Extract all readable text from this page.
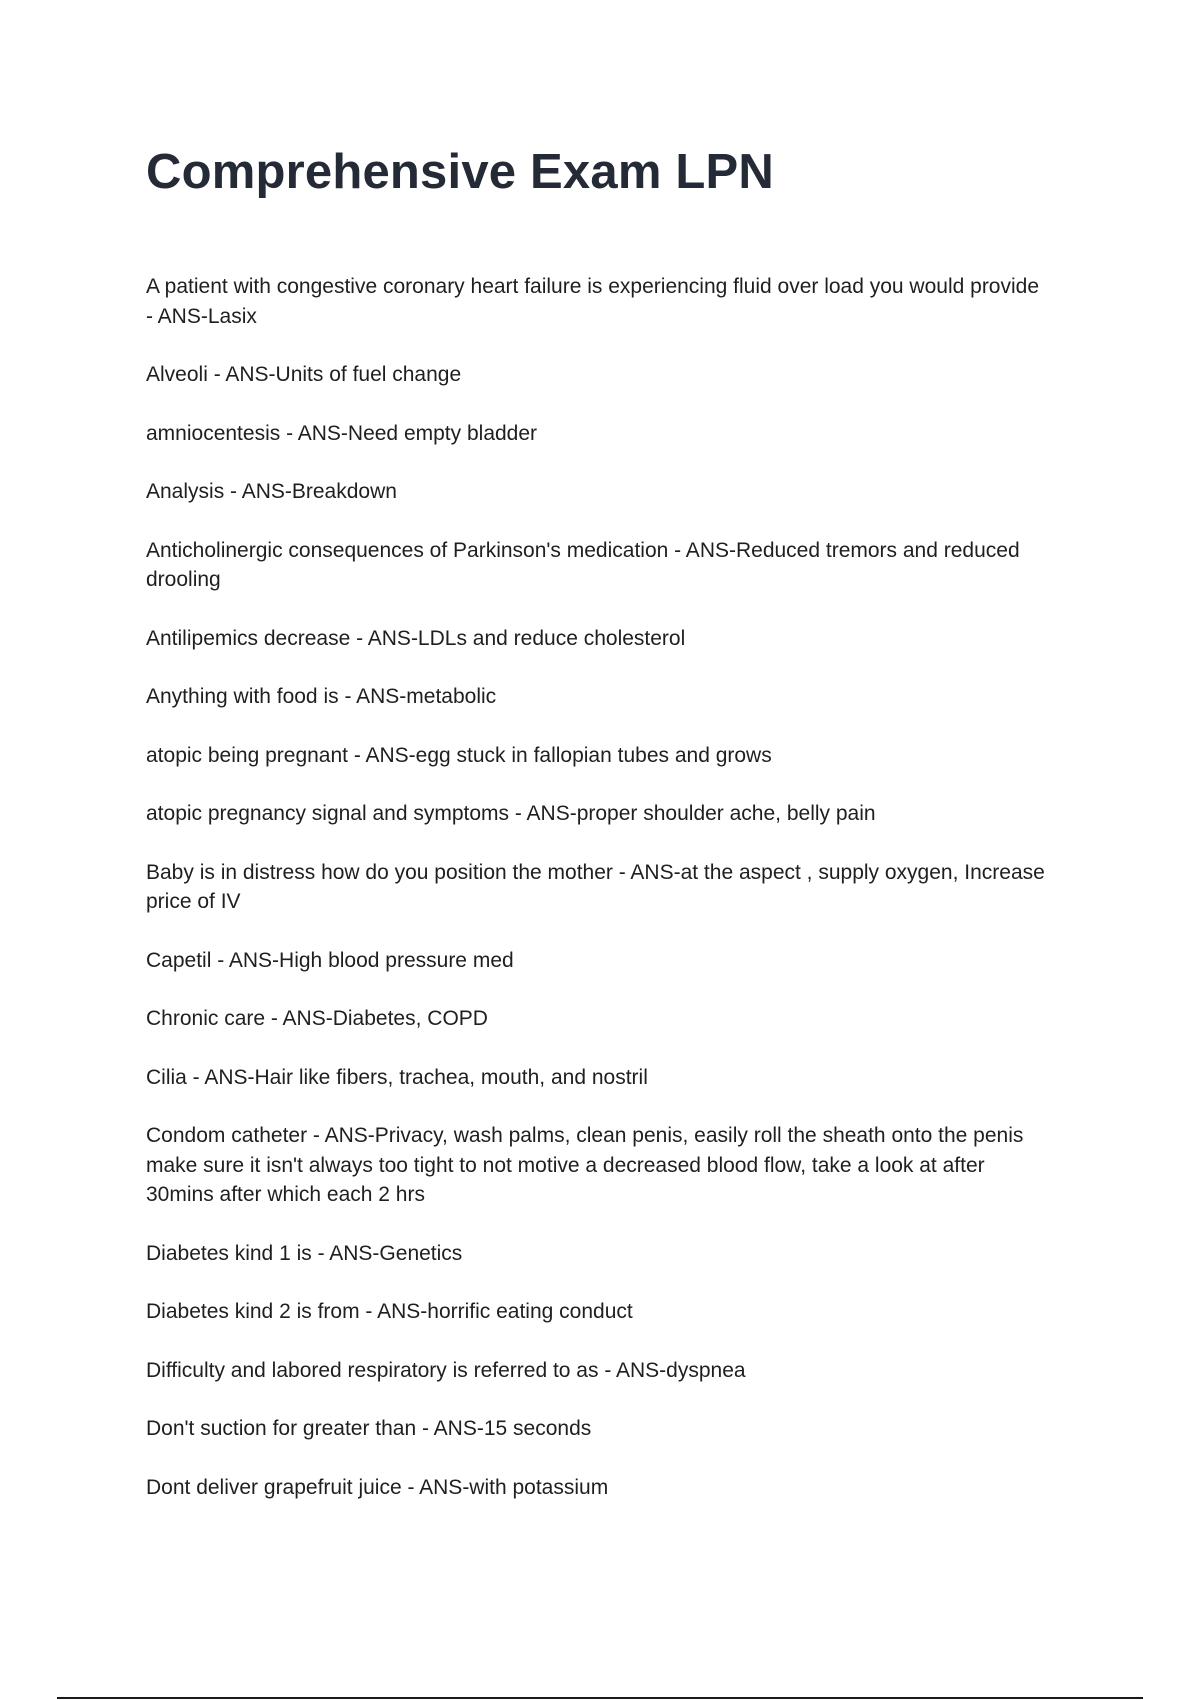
Comprehensive Exam LPN
A patient with congestive coronary heart failure is experiencing fluid over load you would provide - ANS-Lasix
Alveoli - ANS-Units of fuel change
amniocentesis - ANS-Need empty bladder
Analysis - ANS-Breakdown
Anticholinergic consequences of Parkinson's medication - ANS-Reduced tremors and reduced drooling
Antilipemics decrease - ANS-LDLs and reduce cholesterol
Anything with food is - ANS-metabolic
atopic being pregnant - ANS-egg stuck in fallopian tubes and grows
atopic pregnancy signal and symptoms - ANS-proper shoulder ache, belly pain
Baby is in distress how do you position the mother - ANS-at the aspect , supply oxygen, Increase price of IV
Capetil - ANS-High blood pressure med
Chronic care - ANS-Diabetes, COPD
Cilia - ANS-Hair like fibers, trachea, mouth, and nostril
Condom catheter - ANS-Privacy, wash palms, clean penis, easily roll the sheath onto the penis make sure it isn't always too tight to not motive a decreased blood flow, take a look at after 30mins after which each 2 hrs
Diabetes kind 1 is - ANS-Genetics
Diabetes kind 2 is from - ANS-horrific eating conduct
Difficulty and labored respiratory is referred to as - ANS-dyspnea
Don't suction for greater than - ANS-15 seconds
Dont deliver grapefruit juice - ANS-with potassium
